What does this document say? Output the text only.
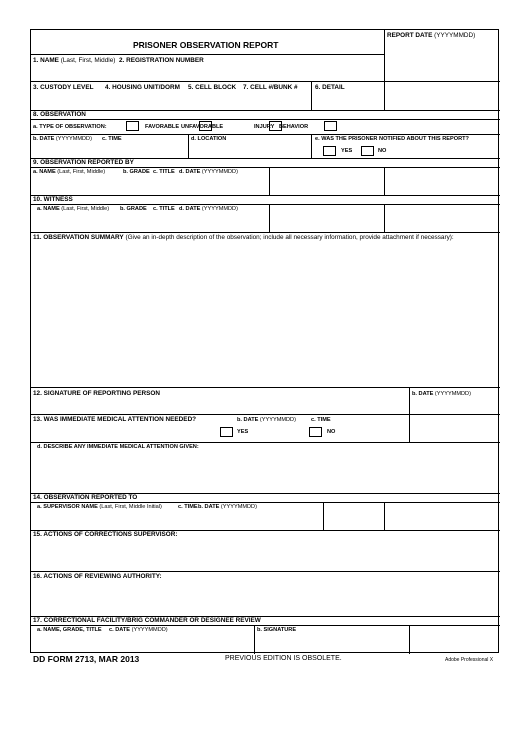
PRISONER OBSERVATION REPORT
REPORT DATE (YYYYMMDD)
1. NAME (Last, First, Middle) 2. REGISTRATION NUMBER
3. CUSTODY LEVEL 4. HOUSING UNIT/DORM 5. CELL BLOCK 7. CELL #/BUNK #	6. DETAIL
8. OBSERVATION
a. TYPE OF OBSERVATION:	FAVORABLE UNFAVORABLE	INJURY BEHAVIOR
b. DATE (YYYYMMDD) c. TIME	d. LOCATION	e. WAS THE PRISONER NOTIFIED ABOUT THIS REPORT?
YES	NO
9. OBSERVATION REPORTED BY
a. NAME (Last, First, Middle)	b. GRADE c. TITLE d. DATE (YYYYMMDD)
10. WITNESS
a. NAME (Last, First, Middle) b. GRADE c. TITLE d. DATE (YYYYMMDD)
11. OBSERVATION SUMMARY (Give an in-depth description of the observation; include all necessary information, provide attachment if necessary):
12. SIGNATURE OF REPORTING PERSON	b. DATE (YYYYMMDD)
13. WAS IMMEDIATE MEDICAL ATTENTION NEEDED?	b. DATE (YYYYMMDD)	c. TIME
YES	NO
d. DESCRIBE ANY IMMEDIATE MEDICAL ATTENTION GIVEN:
14. OBSERVATION REPORTED TO
a. SUPERVISOR NAME (Last, First, Middle Initial)	c. TIME b. DATE (YYYYMMDD)
15. ACTIONS OF CORRECTIONS SUPERVISOR:
16. ACTIONS OF REVIEWING AUTHORITY:
17. CORRECTIONAL FACILITY/BRIG COMMANDER OR DESIGNEE REVIEW
a. NAME, GRADE, TITLE c. DATE (YYYYMMDD)	b. SIGNATURE
DD FORM 2713, MAR 2013	PREVIOUS EDITION IS OBSOLETE.	Adobe Professional X
